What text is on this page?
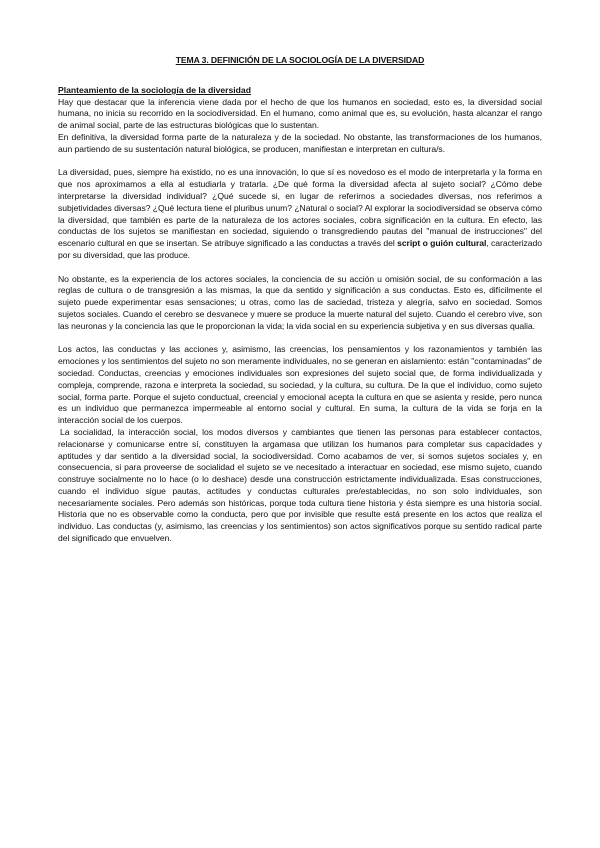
TEMA 3. DEFINICIÓN DE LA SOCIOLOGÍA DE LA DIVERSIDAD
Planteamiento de la sociología de la diversidad

Hay que destacar que la inferencia viene dada por el hecho de que los humanos en sociedad, esto es, la diversidad social humana, no inicia su recorrido en la sociodiversidad. En el humano, como animal que es, su evolución, hasta alcanzar el rango de animal social, parte de las estructuras biológicas que lo sustentan.

En definitiva, la diversidad forma parte de la naturaleza y de la sociedad. No obstante, las transformaciones de los humanos, aun partiendo de su sustentación natural biológica, se producen, manifiestan e interpretan en cultura/s.

La diversidad, pues, siempre ha existido, no es una innovación, lo que sí es novedoso es el modo de interpretarla y la forma en que nos aproximamos a ella al estudiarla y tratarla. ¿De qué forma la diversidad afecta al sujeto social? ¿Cómo debe interpretarse la diversidad individual? ¿Qué sucede si, en lugar de referirnos a sociedades diversas, nos referimos a subjetividades diversas? ¿Qué lectura tiene el pluribus unum? ¿Natural o social? Al explorar la sociodiversidad se observa cómo la diversidad, que también es parte de la naturaleza de los actores sociales, cobra significación en la cultura. En efecto, las conductas de los sujetos se manifiestan en sociedad, siguiendo o transgrediendo pautas del "manual de instrucciones" del escenario cultural en que se insertan. Se atribuye significado a las conductas a través del script o guión cultural, caracterizado por su diversidad, que las produce.

No obstante, es la experiencia de los actores sociales, la conciencia de su acción u omisión social, de su conformación a las reglas de cultura o de transgresión a las mismas, la que da sentido y significación a sus conductas. Esto es, difícilmente el sujeto puede experimentar esas sensaciones; u otras, como las de saciedad, tristeza y alegría, salvo en sociedad. Somos sujetos sociales. Cuando el cerebro se desvanece y muere se produce la muerte natural del sujeto. Cuando el cerebro vive, son las neuronas y la conciencia las que le proporcionan la vida; la vida social en su experiencia subjetiva y en sus diversas qualia.

Los actos, las conductas y las acciones y, asimismo, las creencias, los pensamientos y los razonamientos y también las emociones y los sentimientos del sujeto no son meramente individuales, no se generan en aislamiento: están "contaminadas" de sociedad. Conductas, creencias y emociones individuales son expresiones del sujeto social que, de forma individualizada y compleja, comprende, razona e interpreta la sociedad, su sociedad, y la cultura, su cultura. De la que el individuo, como sujeto social, forma parte. Porque el sujeto conductual, creencial y emocional acepta la cultura en que se asienta y reside, pero nunca es un individuo que permanezca impermeable al entorno social y cultural. En suma, la cultura de la vida se forja en la interacción social de los cuerpos.

La socialidad, la interacción social, los modos diversos y cambiantes que tienen las personas para establecer contactos, relacionarse y comunicarse entre sí, constituyen la argamasa que utilizan los humanos para completar sus capacidades y aptitudes y dar sentido a la diversidad social, la sociodiversidad. Como acabamos de ver, si somos sujetos sociales y, en consecuencia, si para proveerse de socialidad el sujeto se ve necesitado a interactuar en sociedad, ese mismo sujeto, cuando construye socialmente no lo hace (o lo deshace) desde una construcción estrictamente individualizada. Esas construcciones, cuando el individuo sigue pautas, actitudes y conductas culturales pre/establecidas, no son solo individuales, son necesariamente sociales. Pero además son históricas, porque toda cultura tiene historia y ésta siempre es una historia social. Historia que no es observable como la conducta, pero que por invisible que resulte está presente en los actos que realiza el individuo. Las conductas (y, asimismo, las creencias y los sentimientos) son actos significativos porque su sentido radical parte del significado que envuelven.
